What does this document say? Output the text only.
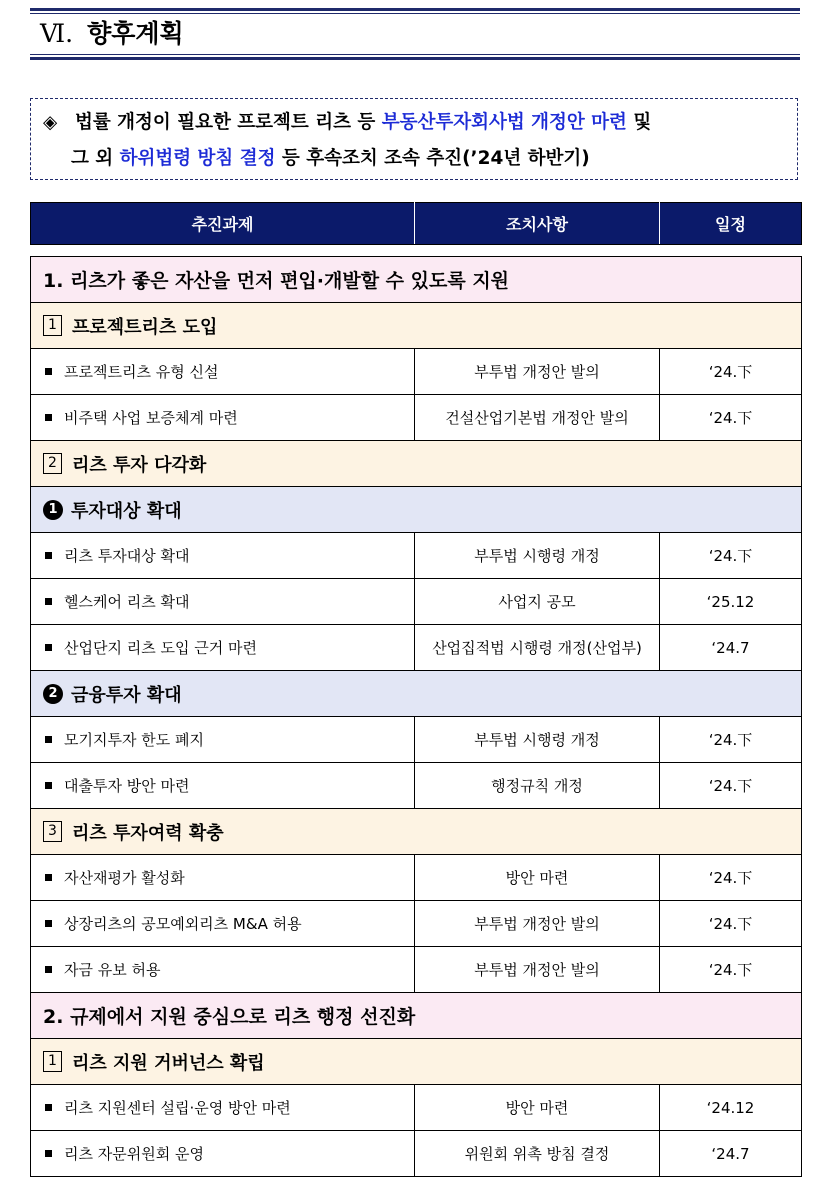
Ⅵ. 향후계획
◈ 법률 개정이 필요한 프로젝트 리츠 등 부동산투자회사법 개정안 마련 및
그 외 하위법령 방침 결정 등 후속조치 조속 추진(’24년 하반기)
추진과제	조치사항	일정

1. 리츠가 좋은 자산을 먼저 편입·개발할 수 있도록 지원		
1 프로젝트리츠 도입		
프로젝트리츠 유형 신설	부투법 개정안 발의	‘24.下
비주택 사업 보증체계 마련	건설산업기본법 개정안 발의	‘24.下
2 리츠 투자 다각화		
1 투자대상 확대		
리츠 투자대상 확대	부투법 시행령 개정	‘24.下
헬스케어 리츠 확대	사업지 공모	‘25.12
산업단지 리츠 도입 근거 마련	산업집적법 시행령 개정(산업부)	‘24.7
2 금융투자 확대		
모기지투자 한도 폐지	부투법 시행령 개정	‘24.下
대출투자 방안 마련	행정규칙 개정	‘24.下
3 리츠 투자여력 확충		
자산재평가 활성화	방안 마련	‘24.下
상장리츠의 공모예외리츠 M&A 허용	부투법 개정안 발의	‘24.下
자금 유보 허용	부투법 개정안 발의	‘24.下
2. 규제에서 지원 중심으로 리츠 행정 선진화		
1 리츠 지원 거버넌스 확립		
리츠 지원센터 설립·운영 방안 마련	방안 마련	‘24.12
리츠 자문위원회 운영	위원회 위촉 방침 결정	‘24.7
